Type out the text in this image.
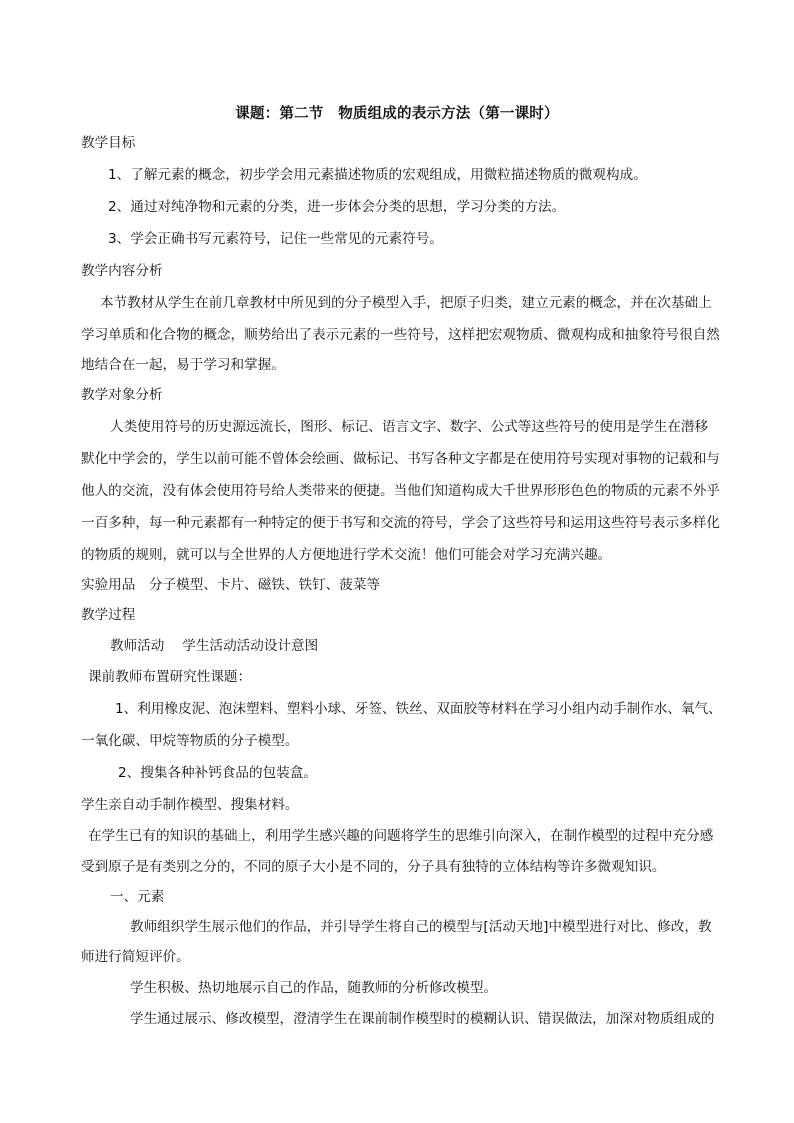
课题：第二节　物质组成的表示方法（第一课时）
教学目标
1、了解元素的概念，初步学会用元素描述物质的宏观组成，用微粒描述物质的微观构成。
2、通过对纯净物和元素的分类，进一步体会分类的思想，学习分类的方法。
3、学会正确书写元素符号，记住一些常见的元素符号。
教学内容分析
本节教材从学生在前几章教材中所见到的分子模型入手，把原子归类，建立元素的概念，并在次基础上
学习单质和化合物的概念，顺势给出了表示元素的一些符号，这样把宏观物质、微观构成和抽象符号很自然
地结合在一起，易于学习和掌握。
教学对象分析
人类使用符号的历史源远流长，图形、标记、语言文字、数字、公式等这些符号的使用是学生在潜移
默化中学会的，学生以前可能不曾体会绘画、做标记、书写各种文字都是在使用符号实现对事物的记载和与
他人的交流，没有体会使用符号给人类带来的便捷。当他们知道构成大千世界形形色色的物质的元素不外乎
一百多种，每一种元素都有一种特定的便于书写和交流的符号，学会了这些符号和运用这些符号表示多样化
的物质的规则，就可以与全世界的人方便地进行学术交流！他们可能会对学习充满兴趣。
实验用品　分子模型、卡片、磁铁、铁钉、菠菜等
教学过程
教师活动　 学生活动活动设计意图
课前教师布置研究性课题：
1、利用橡皮泥、泡沫塑料、塑料小球、牙签、铁丝、双面胶等材料在学习小组内动手制作水、氧气、
一氧化碳、甲烷等物质的分子模型。
2、搜集各种补钙食品的包装盒。
学生亲自动手制作模型、搜集材料。
在学生已有的知识的基础上，利用学生感兴趣的问题将学生的思维引向深入，在制作模型的过程中充分感
受到原子是有类别之分的，不同的原子大小是不同的，分子具有独特的立体结构等许多微观知识。
一、元素
教师组织学生展示他们的作品，并引导学生将自己的模型与[活动天地]中模型进行对比、修改，教
师进行简短评价。
学生积极、热切地展示自己的作品，随教师的分析修改模型。
学生通过展示、修改模型，澄清学生在课前制作模型时的模糊认识、错误做法，加深对物质组成的
